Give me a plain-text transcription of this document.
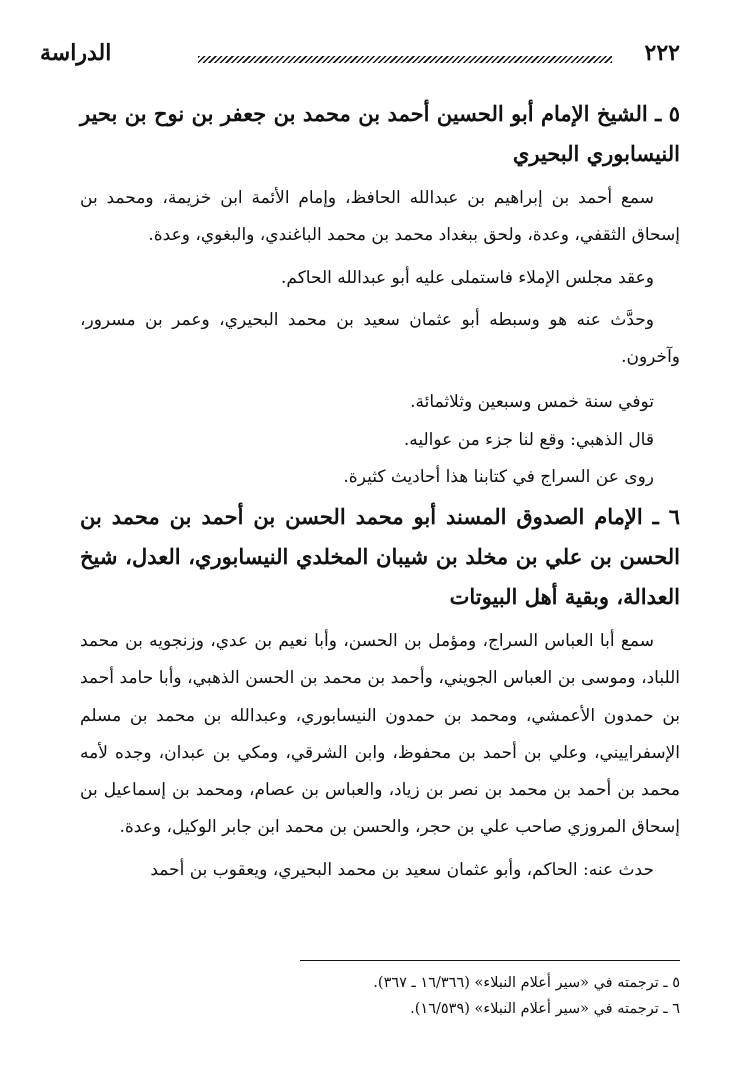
٢٢٢
الدراسة

٥ ـ الشيخ الإمام أبو الحسين أحمد بن محمد بن جعفر بن نوح بن بحير النيسابوري البحيري

سمع أحمد بن إبراهيم بن عبدالله الحافظ، وإمام الأئمة ابن خزيمة، ومحمد بن إسحاق الثقفي، وعدة، ولحق ببغداد محمد بن محمد الباغندي، والبغوي، وعدة.

وعقد مجلس الإملاء فاستملى عليه أبو عبدالله الحاكم.

وحدَّث عنه هو وسبطه أبو عثمان سعيد بن محمد البحيري، وعمر بن مسرور، وآخرون.

توفي سنة خمس وسبعين وثلاثمائة.

قال الذهبي: وقع لنا جزء من عواليه.

روى عن السراج في كتابنا هذا أحاديث كثيرة.

٦ ـ الإمام الصدوق المسند أبو محمد الحسن بن أحمد بن محمد بن الحسن بن علي بن مخلد بن شيبان المخلدي النيسابوري، العدل، شيخ العدالة، وبقية أهل البيوتات

سمع أبا العباس السراج، ومؤمل بن الحسن، وأبا نعيم بن عدي، وزنجويه بن محمد اللباد، وموسى بن العباس الجويني، وأحمد بن محمد بن الحسن الذهبي، وأبا حامد أحمد بن حمدون الأعمشي، ومحمد بن حمدون النيسابوري، وعبدالله بن محمد بن مسلم الإسفراييني، وعلي بن أحمد بن محفوظ، وابن الشرقي، ومكي بن عبدان، وجده لأمه محمد بن أحمد بن محمد بن نصر بن زياد، والعباس بن عصام، ومحمد بن إسماعيل بن إسحاق المروزي صاحب علي بن حجر، والحسن بن محمد ابن جابر الوكيل، وعدة.

حدث عنه: الحاكم، وأبو عثمان سعيد بن محمد البحيري، ويعقوب بن أحمد

٥ ـ ترجمته في «سير أعلام النبلاء» (١٦/٣٦٦ ـ ٣٦٧).

٦ ـ ترجمته في «سير أعلام النبلاء» (١٦/٥٣٩).
